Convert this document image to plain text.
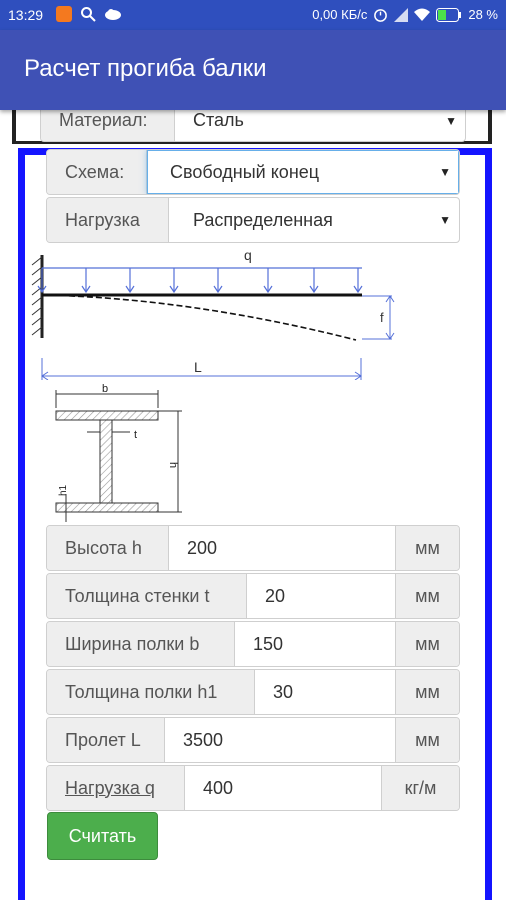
13:29	0,00 КБ/с	28 %
Расчет прогиба балки
Материал:	Сталь	▼
Схема:	Свободный конец	▼
Нагрузка	Распределенная	▼
q
f
L
b
t
h
h1
Высота h	200	мм
Толщина стенки t	20	мм
Ширина полки b	150	мм
Толщина полки h1	30	мм
Пролет L	3500	мм
Нагрузка q	400	кг/м
Считать
